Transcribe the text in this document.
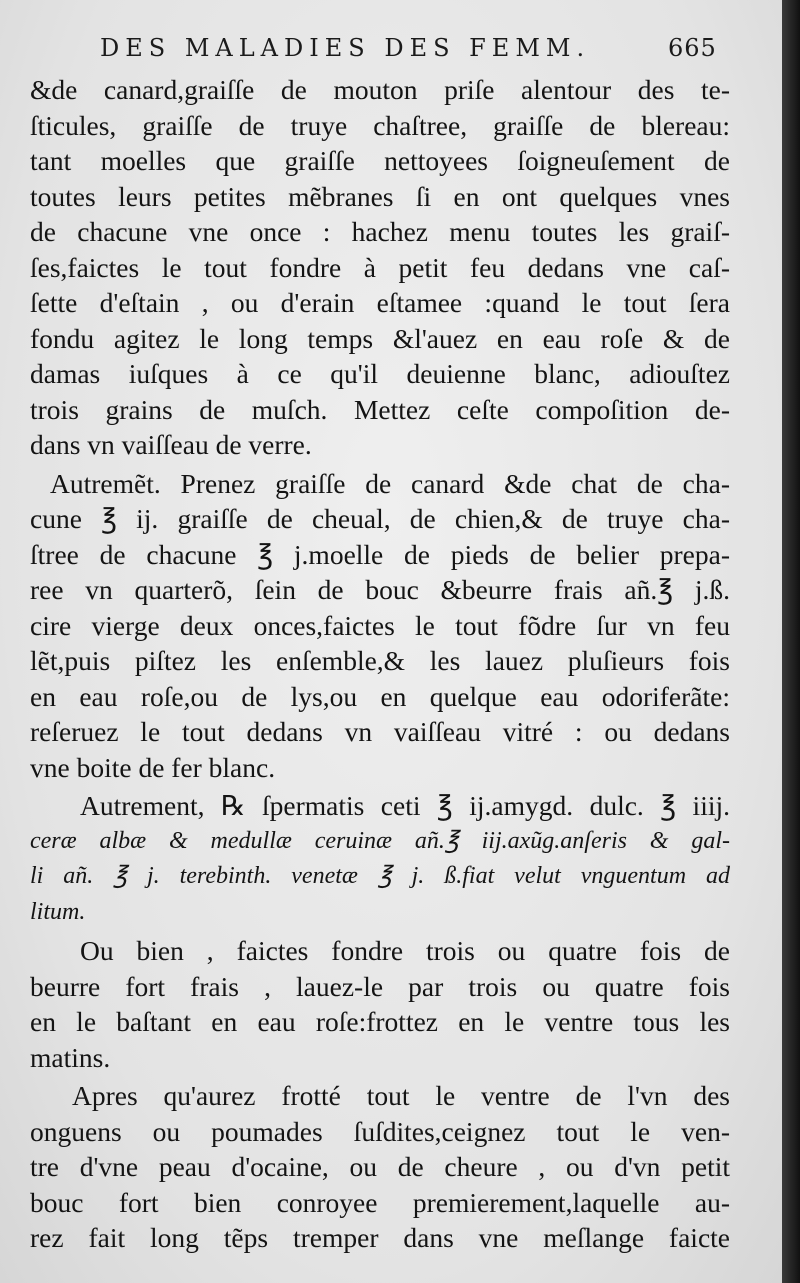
DES MALADIES DES FEMM.	665
&de canard,graiſſe de mouton priſe alentour des te-
ſticules, graiſſe de truye chaſtree, graiſſe de blereau:
tant moelles que graiſſe nettoyees ſoigneuſement de
toutes leurs petites mẽbranes ſi en ont quelques vnes
de chacune vne once : hachez menu toutes les graiſ-
ſes,faictes le tout fondre à petit feu dedans vne caſ-
ſette d'eſtain , ou d'erain eſtamee :quand le tout ſera
fondu agitez le long temps &l'auez en eau roſe & de
damas iuſques à ce qu'il deuienne blanc, adiouſtez
trois grains de muſch. Mettez ceſte compoſition de-
dans vn vaiſſeau de verre.
Autremẽt. Prenez graiſſe de canard &de chat de cha-
cune ℥ ij. graiſſe de cheual, de chien,& de truye cha-
ſtree de chacune ℥ j.moelle de pieds de belier prepa-
ree vn quarterõ, ſein de bouc &beurre frais añ.℥ j.ß.
cire vierge deux onces,faictes le tout fõdre ſur vn feu
lẽt,puis piſtez les enſemble,& les lauez pluſieurs fois
en eau roſe,ou de lys,ou en quelque eau odoriferãte:
reſeruez le tout dedans vn vaiſſeau vitré : ou dedans
vne boite de fer blanc.
Autrement, ℞ ſpermatis ceti ℥ ij.amygd. dulc. ℥ iiij.
ceræ albæ & medullæ ceruinæ añ.℥ iij.axũg.anſeris & gal-
li añ. ℥ j. terebinth. venetæ ℥ j. ß.fiat velut vnguentum ad
litum.
Ou bien , faictes fondre trois ou quatre fois de
beurre fort frais , lauez-le par trois ou quatre fois
en le baſtant en eau roſe:frottez en le ventre tous les
matins.
Apres qu'aurez frotté tout le ventre de l'vn des
onguens ou poumades ſuſdites,ceignez tout le ven-
tre d'vne peau d'ocaine, ou de cheure , ou d'vn petit
bouc fort bien conroyee premierement,laquelle au-
rez fait long tẽps tremper dans vne meſlange faicte
